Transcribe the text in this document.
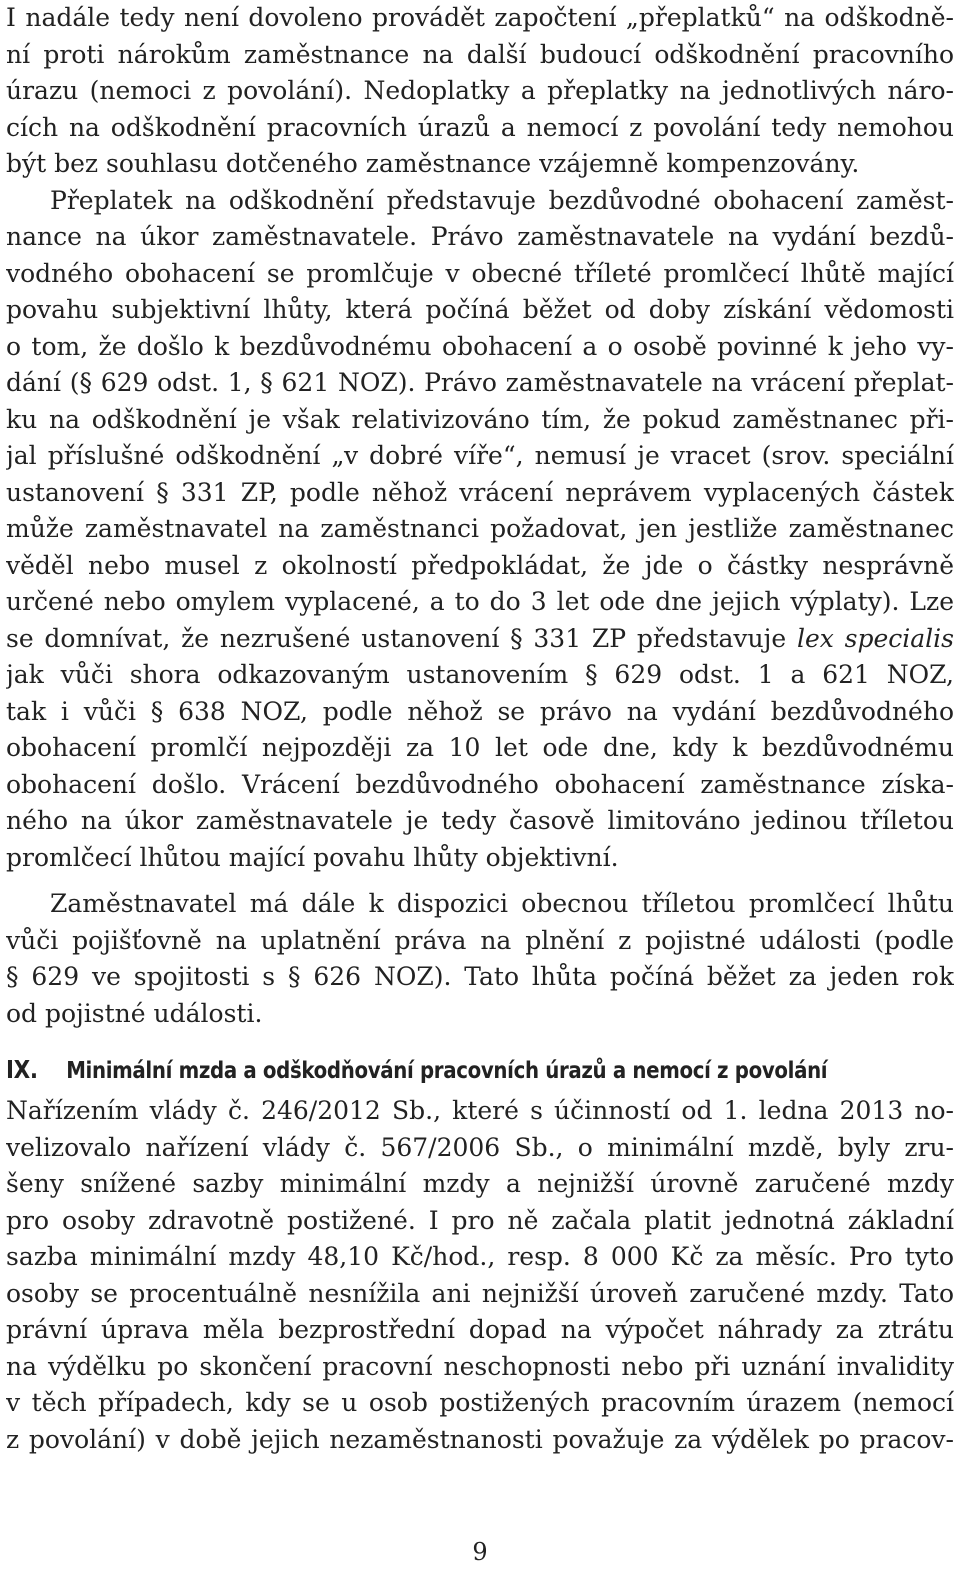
I nadále tedy není dovoleno provádět započtení „přeplatků“ na odškodně-
ní proti nárokům zaměstnance na další budoucí odškodnění pracovního
úrazu (nemoci z povolání). Nedoplatky a přeplatky na jednotlivých náro-
cích na odškodnění pracovních úrazů a nemocí z povolání tedy nemohou
být bez souhlasu dotčeného zaměstnance vzájemně kompenzovány.
Přeplatek na odškodnění představuje bezdůvodné obohacení zaměst-
nance na úkor zaměstnavatele. Právo zaměstnavatele na vydání bezdů-
vodného obohacení se promlčuje v obecné tříleté promlčecí lhůtě mající
povahu subjektivní lhůty, která počíná běžet od doby získání vědomosti
o tom, že došlo k bezdůvodnému obohacení a o osobě povinné k jeho vy-
dání (§ 629 odst. 1, § 621 NOZ). Právo zaměstnavatele na vrácení přeplat-
ku na odškodnění je však relativizováno tím, že pokud zaměstnanec při-
jal příslušné odškodnění „v dobré víře“, nemusí je vracet (srov. speciální
ustanovení § 331 ZP, podle něhož vrácení neprávem vyplacených částek
může zaměstnavatel na zaměstnanci požadovat, jen jestliže zaměstnanec
věděl nebo musel z okolností předpokládat, že jde o částky nesprávně
určené nebo omylem vyplacené, a to do 3 let ode dne jejich výplaty). Lze
se domnívat, že nezrušené ustanovení § 331 ZP představuje lex specialis
jak vůči shora odkazovaným ustanovením § 629 odst. 1 a 621 NOZ,
tak i vůči § 638 NOZ, podle něhož se právo na vydání bezdůvodného
obohacení promlčí nejpozději za 10 let ode dne, kdy k bezdůvodnému
obohacení došlo. Vrácení bezdůvodného obohacení zaměstnance získa-
ného na úkor zaměstnavatele je tedy časově limitováno jedinou tříletou
promlčecí lhůtou mající povahu lhůty objektivní.
Zaměstnavatel má dále k dispozici obecnou tříletou promlčecí lhůtu
vůči pojišťovně na uplatnění práva na plnění z pojistné události (podle
§ 629 ve spojitosti s § 626 NOZ). Tato lhůta počíná běžet za jeden rok
od pojistné události.
IX. Minimální mzda a odškodňování pracovních úrazů a nemocí z povolání
Nařízením vlády č. 246/2012 Sb., které s účinností od 1. ledna 2013 no-
velizovalo nařízení vlády č. 567/2006 Sb., o minimální mzdě, byly zru-
šeny snížené sazby minimální mzdy a nejnižší úrovně zaručené mzdy
pro osoby zdravotně postižené. I pro ně začala platit jednotná základní
sazba minimální mzdy 48,10 Kč/hod., resp. 8 000 Kč za měsíc. Pro tyto
osoby se procentuálně nesnížila ani nejnižší úroveň zaručené mzdy. Tato
právní úprava měla bezprostřední dopad na výpočet náhrady za ztrátu
na výdělku po skončení pracovní neschopnosti nebo při uznání invalidity
v těch případech, kdy se u osob postižených pracovním úrazem (nemocí
z povolání) v době jejich nezaměstnanosti považuje za výdělek po pracov-
9
